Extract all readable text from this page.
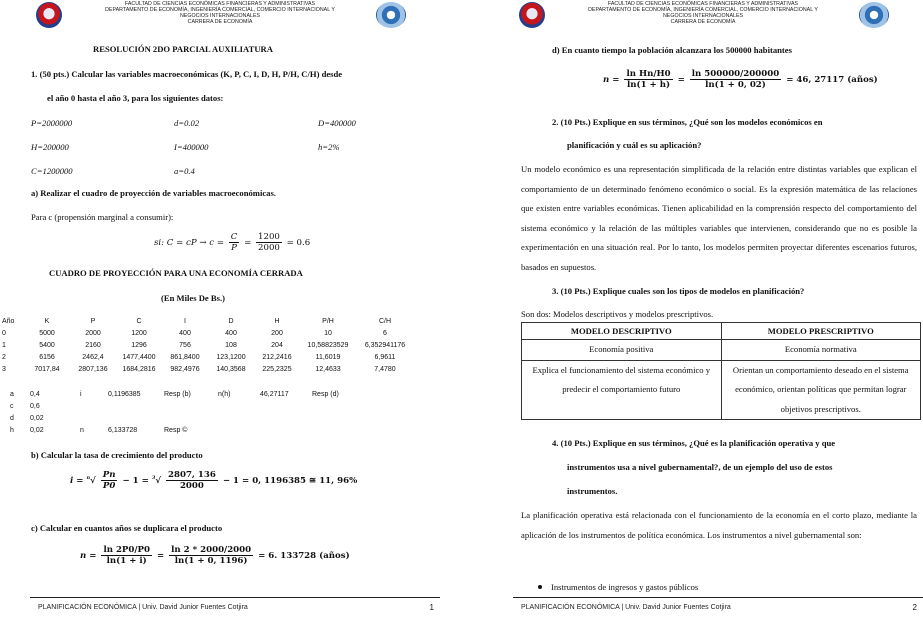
FACULTAD DE CIENCIAS ECONÓMICAS FINANCIERAS Y ADMINISTRATIVAS
DEPARTAMENTO DE ECONOMÍA, INGENIERÍA COMERCIAL, COMERCIO INTERNACIONAL Y
NEGOCIOS INTERNACIONALES
CARRERA DE ECONOMÍA
RESOLUCIÓN 2DO PARCIAL AUXILIATURA
1. (50 pts.) Calcular las variables macroeconómicas (K, P, C, I, D, H, P/H, C/H) desde
el año 0 hasta el año 3, para los siguientes datos:
P=2000000	d=0.02	D=400000
H=200000	I=400000	h=2%
C=1200000	a=0.4
a) Realizar el cuadro de proyección de variables macroeconómicas.
Para c (propensión marginal a consumir):
si: C = cP → $c = \frac{C}{P} = \frac{1200}{2000} = 0.6$
CUADRO DE PROYECCIÓN PARA UNA ECONOMÍA CERRADA
(En Miles De Bs.)
Año	K	P	C	I	D	H	P/H	C/H
0	5000	2000	1200	400	400	200	10	6
1	5400	2160	1296	756	108	204	10,58823529	6,352941176
2	6156	2462,4	1477,4400	861,8400	123,1200	212,2416	11,6019	6,9611
3	7017,84	2807,136	1684,2816	982,4976	140,3568	225,2325	12,4633	7,4780
a	0,4	i	0,1196385	Resp (b)	n(h)	46,27117	Resp (d)
c	0,6						
d	0,02						
h	0,02	n	6,133728	Resp ©			
b) Calcular la tasa de crecimiento del producto
$i = ^n√ \frac{Pn}{P0} - 1 = ^3√ \frac{2807, 136}{2000} - 1 = 0$, 1196385 ≅ 11, 96%
c) Calcular en cuantos años se duplicara el producto
$n = \frac{\ln 2P0/P0}{\ln(1 + i)} = \frac{\ln 2 * 2000/2000}{\ln(1 + 0, 1196)} = 6$. 133728 (años)
PLANIFICACIÓN ECONÓMICA | Univ. David Junior Fuentes Cotjira	1
FACULTAD DE CIENCIAS ECONÓMICAS FINANCIERAS Y ADMINISTRATIVAS
DEPARTAMENTO DE ECONOMÍA, INGENIERÍA COMERCIAL, COMERCIO INTERNACIONAL Y
NEGOCIOS INTERNACIONALES
CARRERA DE ECONOMÍA
d) En cuanto tiempo la población alcanzara los 500000 habitantes
$n = \frac{\text{ln Hn/H0}}{\ln(1 + h)} = \frac{\ln 500000/200000}{\ln(1 + 0, 02)} = 46$, 27117 (años)
2. (10 Pts.) Explique en sus términos, ¿Qué son los modelos económicos en
planificación y cuál es su aplicación?
Un modelo económico es una representación simplificada de la relación entre distintas variables que explican el comportamiento de un determinado fenómeno económico o social. Es la expresión matemática de las relaciones que existen entre variables económicas. Tienen aplicabilidad en la comprensión respecto del comportamiento del sistema económico y la relación de las múltiples variables que intervienen, considerando que no es posible la experimentación en una situación real. Por lo tanto, los modelos permiten proyectar diferentes escenarios futuros, basados en supuestos.
3. (10 Pts.) Explique cuales son los tipos de modelos en planificación?
Son dos: Modelos descriptivos y modelos prescriptivos.
MODELO DESCRIPTIVO	MODELO PRESCRIPTIVO
Economía positiva	Economía normativa
Explica el funcionamiento del sistema económico y predecir el comportamiento futuro	Orientan un comportamiento deseado en el sistema económico, orientan políticas que permitan lograr objetivos prescriptivos.
4. (10 Pts.) Explique en sus términos, ¿Qué es la planificación operativa y que
instrumentos usa a nivel gubernamental?, de un ejemplo del uso de estos
instrumentos.
La planificación operativa está relacionada con el funcionamiento de la economía en el corto plazo, mediante la aplicación de los instrumentos de política económica. Los instrumentos a nivel gubernamental son:
Instrumentos de ingresos y gastos públicos
PLANIFICACIÓN ECONÓMICA | Univ. David Junior Fuentes Cotjira	2
